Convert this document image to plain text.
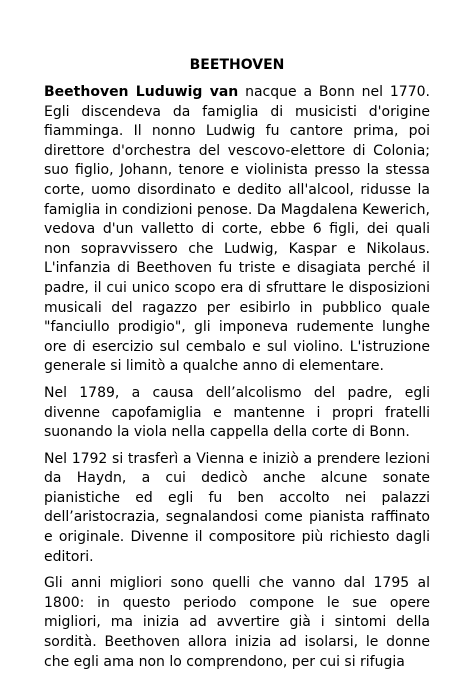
BEETHOVEN

Beethoven Luduwig van nacque a Bonn nel 1770. Egli discendeva da famiglia di musicisti d'origine fiamminga. Il nonno Ludwig fu cantore prima, poi direttore d'orchestra del vescovo-elettore di Colonia; suo figlio, Johann, tenore e violinista presso la stessa corte, uomo disordinato e dedito all'alcool, ridusse la famiglia in condizioni penose. Da Magdalena Kewerich, vedova d'un valletto di corte, ebbe 6 figli, dei quali non sopravvissero che Ludwig, Kaspar e Nikolaus. L'infanzia di Beethoven fu triste e disagiata perché il padre, il cui unico scopo era di sfruttare le disposizioni musicali del ragazzo per esibirlo in pubblico quale "fanciullo prodigio", gli imponeva rudemente lunghe ore di esercizio sul cembalo e sul violino. L'istruzione generale si limitò a qualche anno di elementare.

Nel 1789, a causa dell’alcolismo del padre, egli divenne capofamiglia e mantenne i propri fratelli suonando la viola nella cappella della corte di Bonn.

Nel 1792 si trasferì a Vienna e iniziò a prendere lezioni da Haydn, a cui dedicò anche alcune sonate pianistiche ed egli fu ben accolto nei palazzi dell’aristocrazia, segnalandosi come pianista raffinato e originale. Divenne il compositore più richiesto dagli editori.

Gli anni migliori sono quelli che vanno dal 1795 al 1800: in questo periodo compone le sue opere migliori, ma inizia ad avvertire già i sintomi della sordità. Beethoven allora inizia ad isolarsi, le donne che egli ama non lo comprendono, per cui si rifugia
